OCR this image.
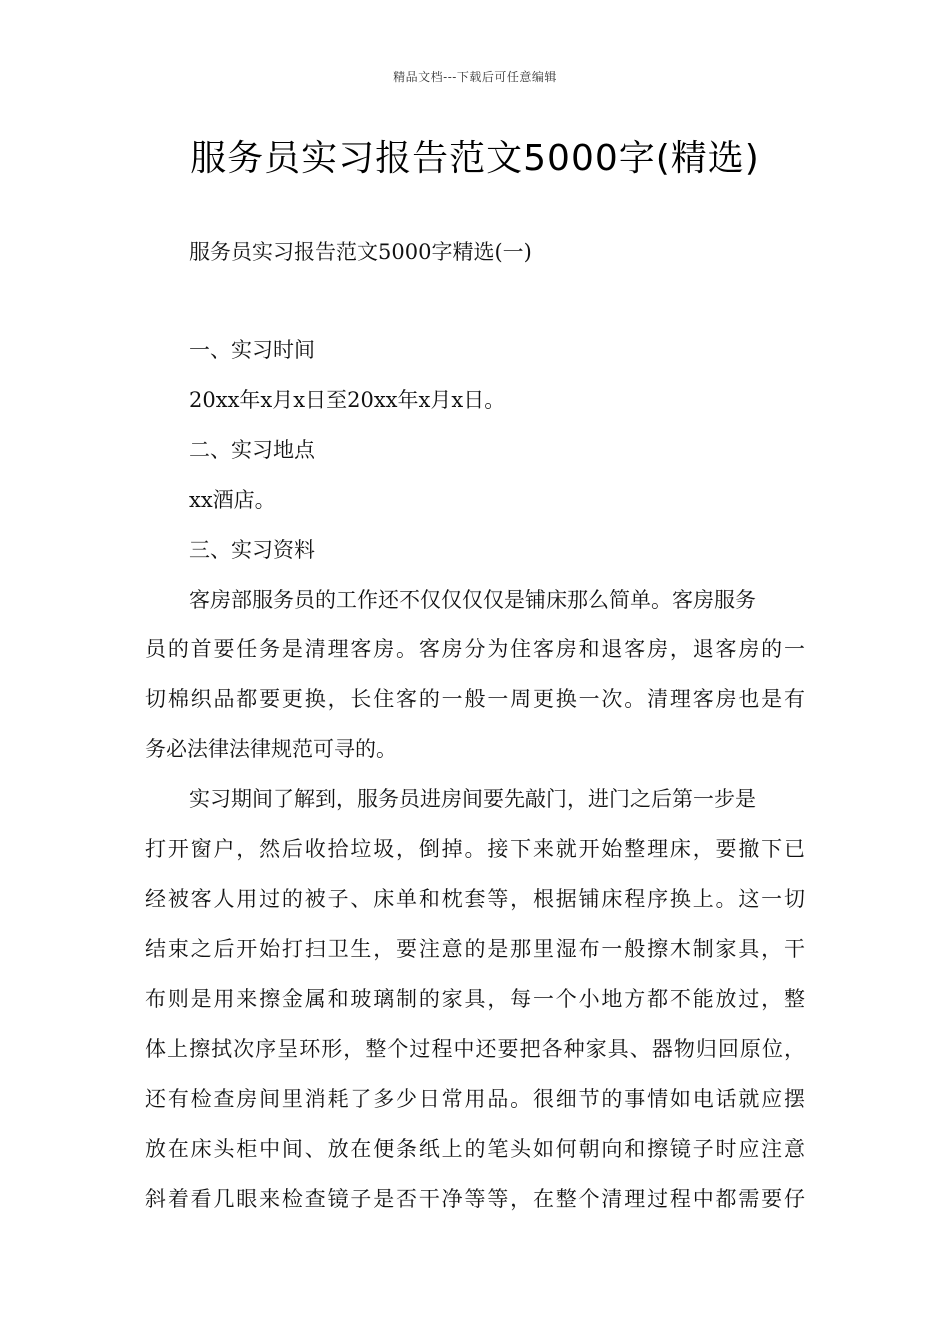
精品文档---下载后可任意编辑
服务员实习报告范文5000字(精选)

服务员实习报告范文5000字精选(一)

一、实习时间

20xx年x月x日至20xx年x月x日。

二、实习地点

xx酒店。

三、实习资料

客房部服务员的工作还不仅仅仅仅是铺床那么简单。客房服务

员的首要任务是清理客房。客房分为住客房和退客房，退客房的一

切棉织品都要更换，长住客的一般一周更换一次。清理客房也是有

务必法律法律规范可寻的。

实习期间了解到，服务员进房间要先敲门，进门之后第一步是

打开窗户，然后收拾垃圾，倒掉。接下来就开始整理床，要撤下已

经被客人用过的被子、床单和枕套等，根据铺床程序换上。这一切

结束之后开始打扫卫生，要注意的是那里湿布一般擦木制家具，干

布则是用来擦金属和玻璃制的家具，每一个小地方都不能放过，整

体上擦拭次序呈环形，整个过程中还要把各种家具、器物归回原位，

还有检查房间里消耗了多少日常用品。很细节的事情如电话就应摆

放在床头柜中间、放在便条纸上的笔头如何朝向和擦镜子时应注意

斜着看几眼来检查镜子是否干净等等，在整个清理过程中都需要仔
